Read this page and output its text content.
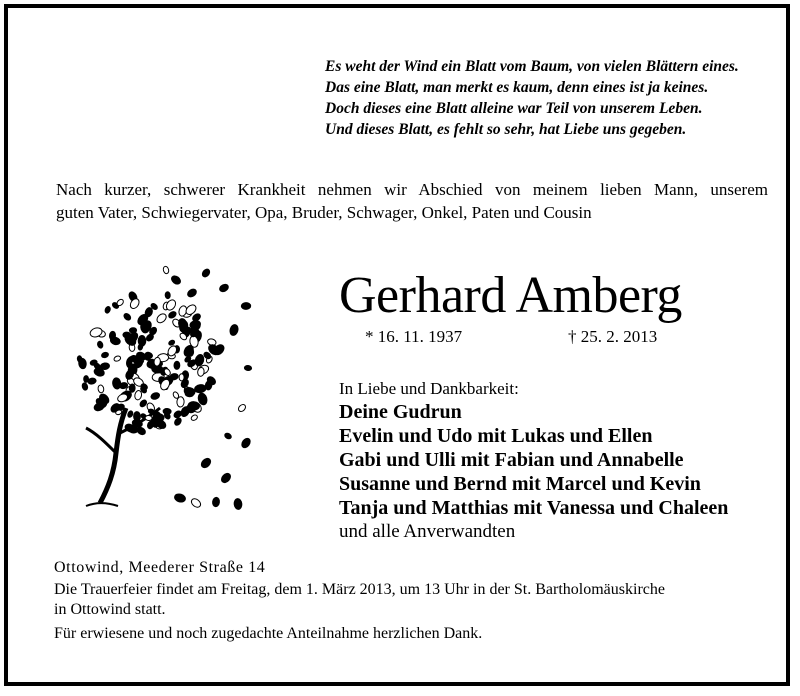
Es weht der Wind ein Blatt vom Baum, von vielen Blättern eines.
Das eine Blatt, man merkt es kaum, denn eines ist ja keines.
Doch dieses eine Blatt alleine war Teil von unserem Leben.
Und dieses Blatt, es fehlt so sehr, hat Liebe uns gegeben.
Nach kurzer, schwerer Krankheit nehmen wir Abschied von meinem lieben Mann, unserem
guten Vater, Schwiegervater, Opa, Bruder, Schwager, Onkel, Paten und Cousin
Gerhard Amberg
* 16. 11. 1937	† 25. 2. 2013
In Liebe und Dankbarkeit:
Deine Gudrun
Evelin und Udo mit Lukas und Ellen
Gabi und Ulli mit Fabian und Annabelle
Susanne und Bernd mit Marcel und Kevin
Tanja und Matthias mit Vanessa und Chaleen
und alle Anverwandten
Ottowind, Meederer Straße 14
Die Trauerfeier findet am Freitag, dem 1. März 2013, um 13 Uhr in der St. Bartholomäuskirche
in Ottowind statt.
Für erwiesene und noch zugedachte Anteilnahme herzlichen Dank.
